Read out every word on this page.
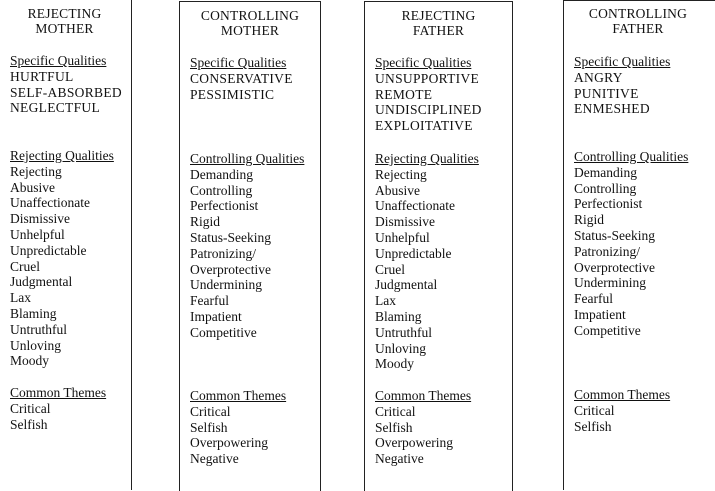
REJECTING
MOTHER
Specific Qualities
HURTFUL
SELF-ABSORBED
NEGLECTFUL
Rejecting Qualities
Rejecting
Abusive
Unaffectionate
Dismissive
Unhelpful
Unpredictable
Cruel
Judgmental
Lax
Blaming
Untruthful
Unloving
Moody
Common Themes
Critical
Selfish
CONTROLLING
MOTHER
Specific Qualities
CONSERVATIVE
PESSIMISTIC
Controlling Qualities
Demanding
Controlling
Perfectionist
Rigid
Status-Seeking
Patronizing/
Overprotective
Undermining
Fearful
Impatient
Competitive
Common Themes
Critical
Selfish
Overpowering
Negative
REJECTING
FATHER
Specific Qualities
UNSUPPORTIVE
REMOTE
UNDISCIPLINED
EXPLOITATIVE
Rejecting Qualities
Rejecting
Abusive
Unaffectionate
Dismissive
Unhelpful
Unpredictable
Cruel
Judgmental
Lax
Blaming
Untruthful
Unloving
Moody
Common Themes
Critical
Selfish
Overpowering
Negative
CONTROLLING
FATHER
Specific Qualities
ANGRY
PUNITIVE
ENMESHED
Controlling Qualities
Demanding
Controlling
Perfectionist
Rigid
Status-Seeking
Patronizing/
Overprotective
Undermining
Fearful
Impatient
Competitive
Common Themes
Critical
Selfish
